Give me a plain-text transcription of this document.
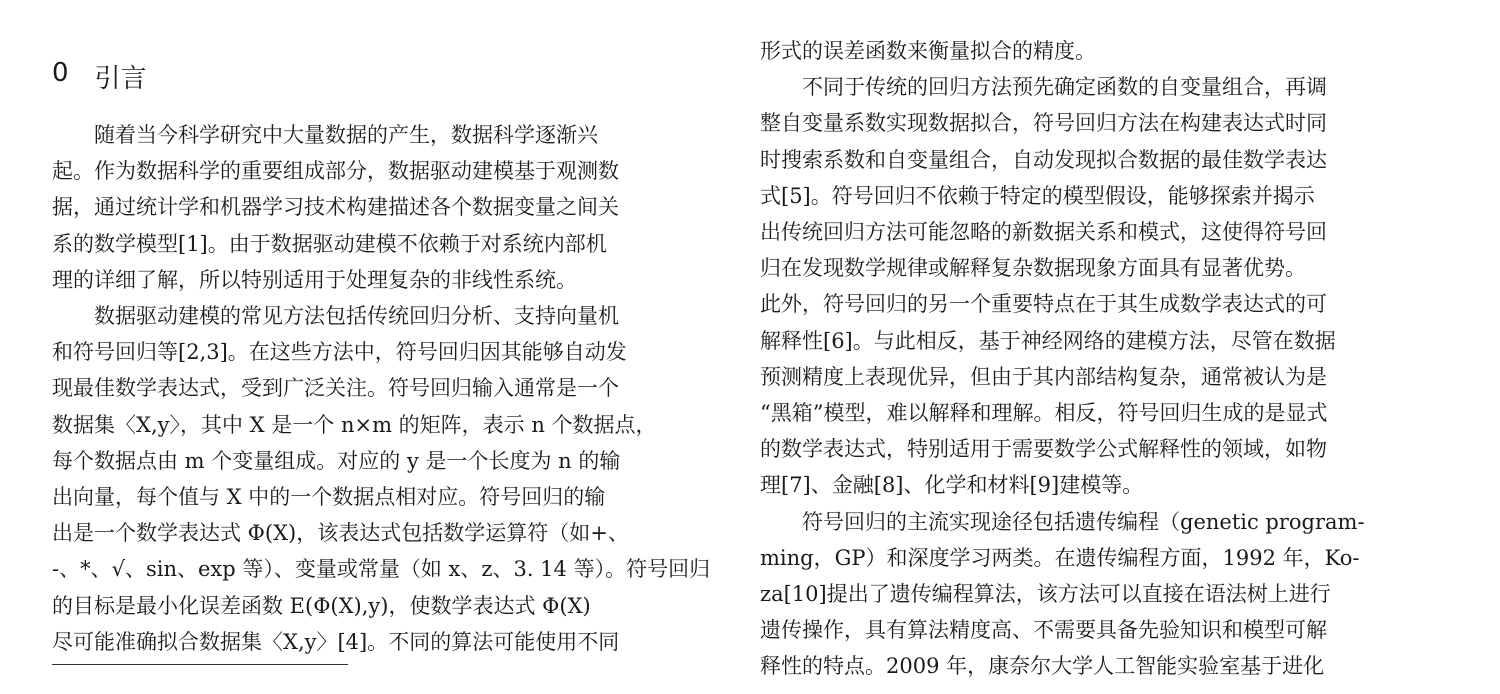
0 引言
　　随着当今科学研究中大量数据的产生，数据科学逐渐兴
起。作为数据科学的重要组成部分，数据驱动建模基于观测数
据，通过统计学和机器学习技术构建描述各个数据变量之间关
系的数学模型[1]。由于数据驱动建模不依赖于对系统内部机
理的详细了解，所以特别适用于处理复杂的非线性系统。
　　数据驱动建模的常见方法包括传统回归分析、支持向量机
和符号回归等[2,3]。在这些方法中，符号回归因其能够自动发
现最佳数学表达式，受到广泛关注。符号回归输入通常是一个
数据集〈X,y〉，其中 X 是一个 n×m 的矩阵，表示 n 个数据点，
每个数据点由 m 个变量组成。对应的 y 是一个长度为 n 的输
出向量，每个值与 X 中的一个数据点相对应。符号回归的输
出是一个数学表达式 Φ(X)，该表达式包括数学运算符（如+、
-、*、√、sin、exp 等）、变量或常量（如 x、z、3. 14 等）。符号回归
的目标是最小化误差函数 E(Φ(X),y)，使数学表达式 Φ(X)
尽可能准确拟合数据集〈X,y〉[4]。不同的算法可能使用不同
形式的误差函数来衡量拟合的精度。
　　不同于传统的回归方法预先确定函数的自变量组合，再调
整自变量系数实现数据拟合，符号回归方法在构建表达式时同
时搜索系数和自变量组合，自动发现拟合数据的最佳数学表达
式[5]。符号回归不依赖于特定的模型假设，能够探索并揭示
出传统回归方法可能忽略的新数据关系和模式，这使得符号回
归在发现数学规律或解释复杂数据现象方面具有显著优势。
此外，符号回归的另一个重要特点在于其生成数学表达式的可
解释性[6]。与此相反，基于神经网络的建模方法，尽管在数据
预测精度上表现优异，但由于其内部结构复杂，通常被认为是
“黑箱”模型，难以解释和理解。相反，符号回归生成的是显式
的数学表达式，特别适用于需要数学公式解释性的领域，如物
理[7]、金融[8]、化学和材料[9]建模等。
　　符号回归的主流实现途径包括遗传编程（genetic program-
ming，GP）和深度学习两类。在遗传编程方面，1992 年，Ko-
za[10]提出了遗传编程算法，该方法可以直接在语法树上进行
遗传操作，具有算法精度高、不需要具备先验知识和模型可解
释性的特点。2009 年，康奈尔大学人工智能实验室基于进化
